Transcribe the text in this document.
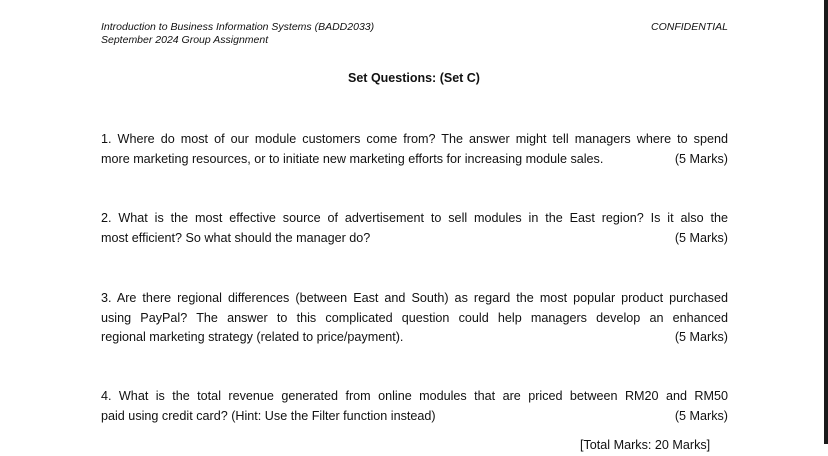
Introduction to Business Information Systems (BADD2033)
September 2024 Group Assignment
CONFIDENTIAL
Set Questions: (Set C)
1. Where do most of our module customers come from? The answer might tell managers where to spend
more marketing resources, or to initiate new marketing efforts for increasing module sales.	(5 Marks)
2. What is the most effective source of advertisement to sell modules in the East region? Is it also the
most efficient? So what should the manager do?	(5 Marks)
3. Are there regional differences (between East and South) as regard the most popular product purchased
using PayPal? The answer to this complicated question could help managers develop an enhanced
regional marketing strategy (related to price/payment).	(5 Marks)
4. What is the total revenue generated from online modules that are priced between RM20 and RM50
paid using credit card? (Hint: Use the Filter function instead)	(5 Marks)
[Total Marks: 20 Marks]
